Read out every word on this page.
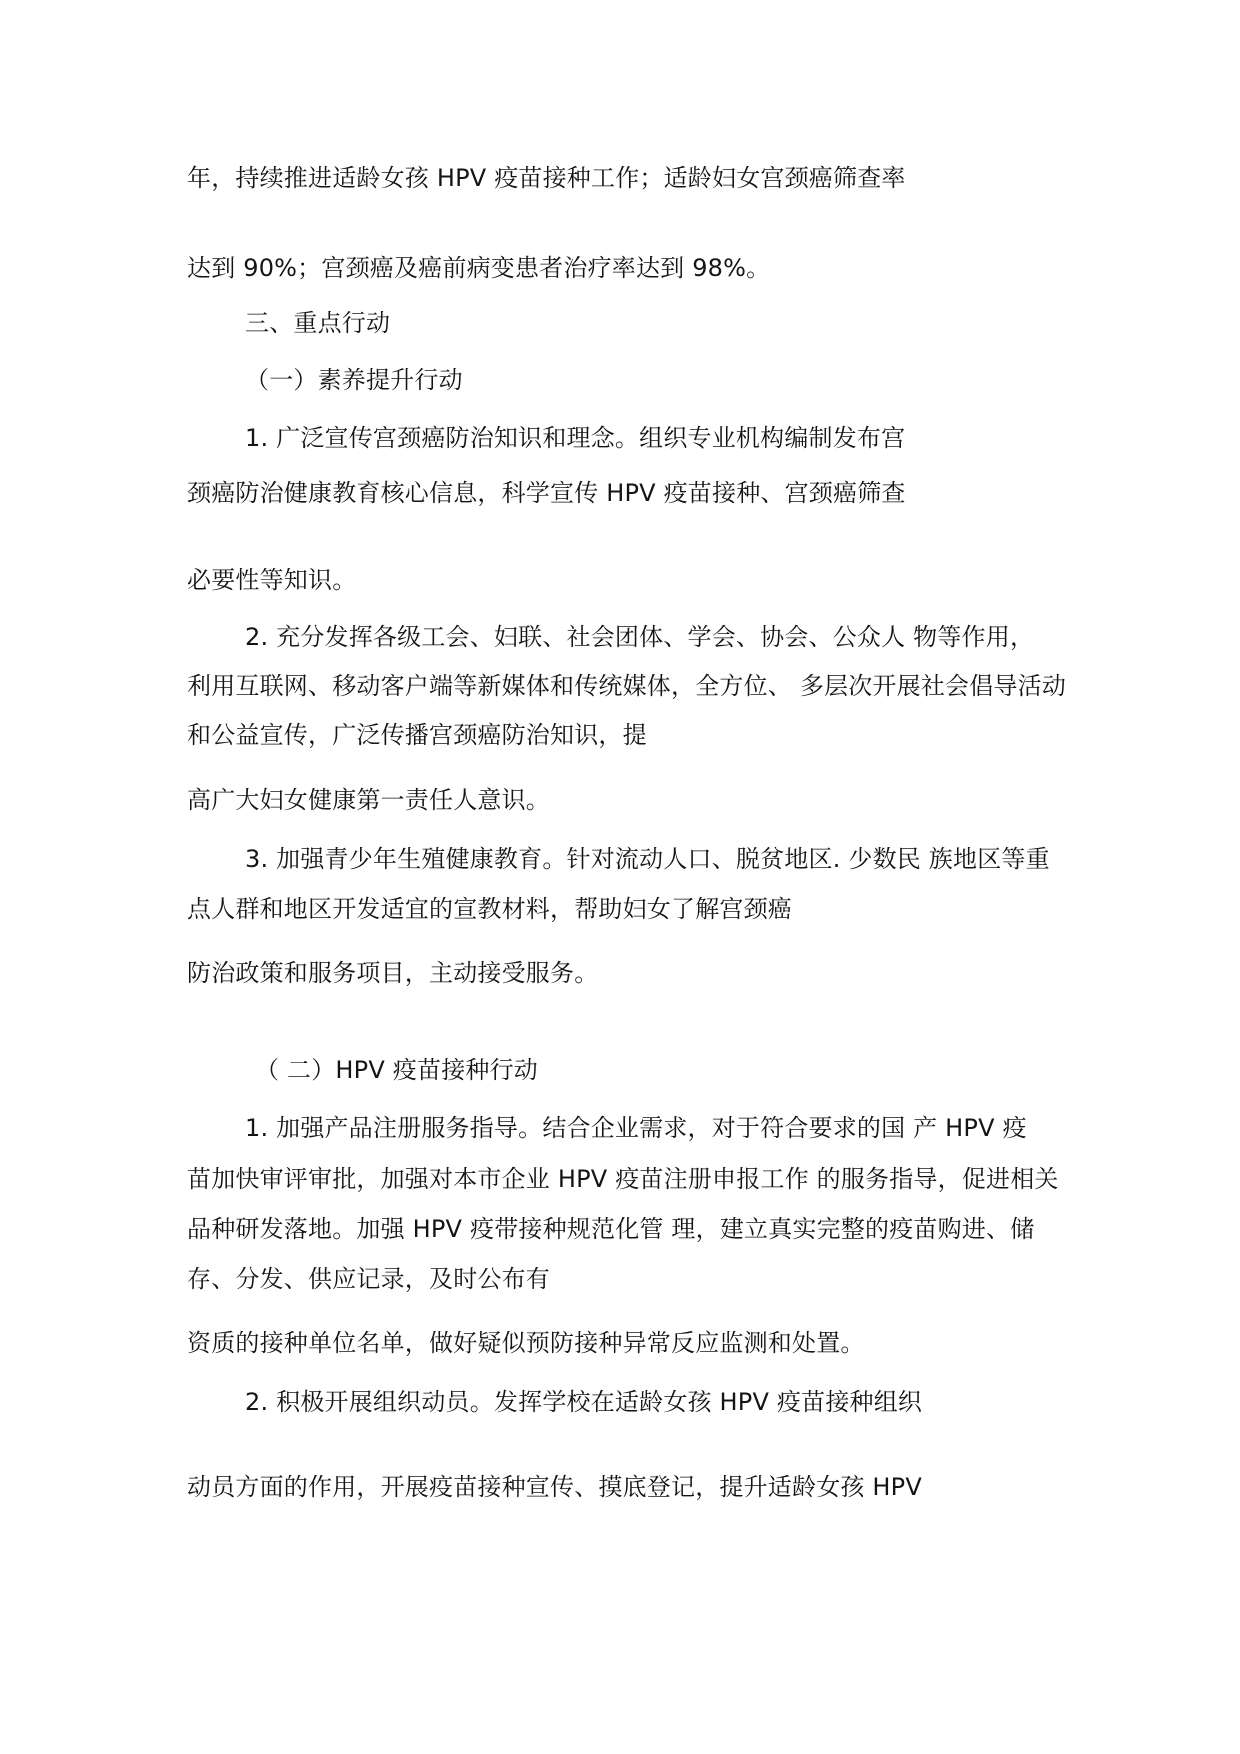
年，持续推进适龄女孩 HPV 疫苗接种工作；适龄妇女宫颈癌筛查率
达到 90%；宫颈癌及癌前病变患者治疗率达到 98%。
三、重点行动
（一）素养提升行动
1. 广泛宣传宫颈癌防治知识和理念。组织专业机构编制发布宫
颈癌防治健康教育核心信息，科学宣传 HPV 疫苗接种、宫颈癌筛查
必要性等知识。
2. 充分发挥各级工会、妇联、社会团体、学会、协会、公众人 物等作用，
利用互联网、移动客户端等新媒体和传统媒体，全方位、 多层次开展社会倡导活动
和公益宣传，广泛传播宫颈癌防治知识，提
高广大妇女健康第一责任人意识。
3. 加强青少年生殖健康教育。针对流动人口、脱贫地区. 少数民 族地区等重
点人群和地区开发适宜的宣教材料，帮助妇女了解宫颈癌
防治政策和服务项目，主动接受服务。
（ 二）HPV 疫苗接种行动
1. 加强产品注册服务指导。结合企业需求，对于符合要求的国 产 HPV 疫
苗加快审评审批，加强对本市企业 HPV 疫苗注册申报工作 的服务指导，促进相关
品种研发落地。加强 HPV 疫带接种规范化管 理，建立真实完整的疫苗购进、储
存、分发、供应记录，及时公布有
资质的接种单位名单，做好疑似预防接种异常反应监测和处置。
2. 积极开展组织动员。发挥学校在适龄女孩 HPV 疫苗接种组织
动员方面的作用，开展疫苗接种宣传、摸底登记，提升适龄女孩 HPV
